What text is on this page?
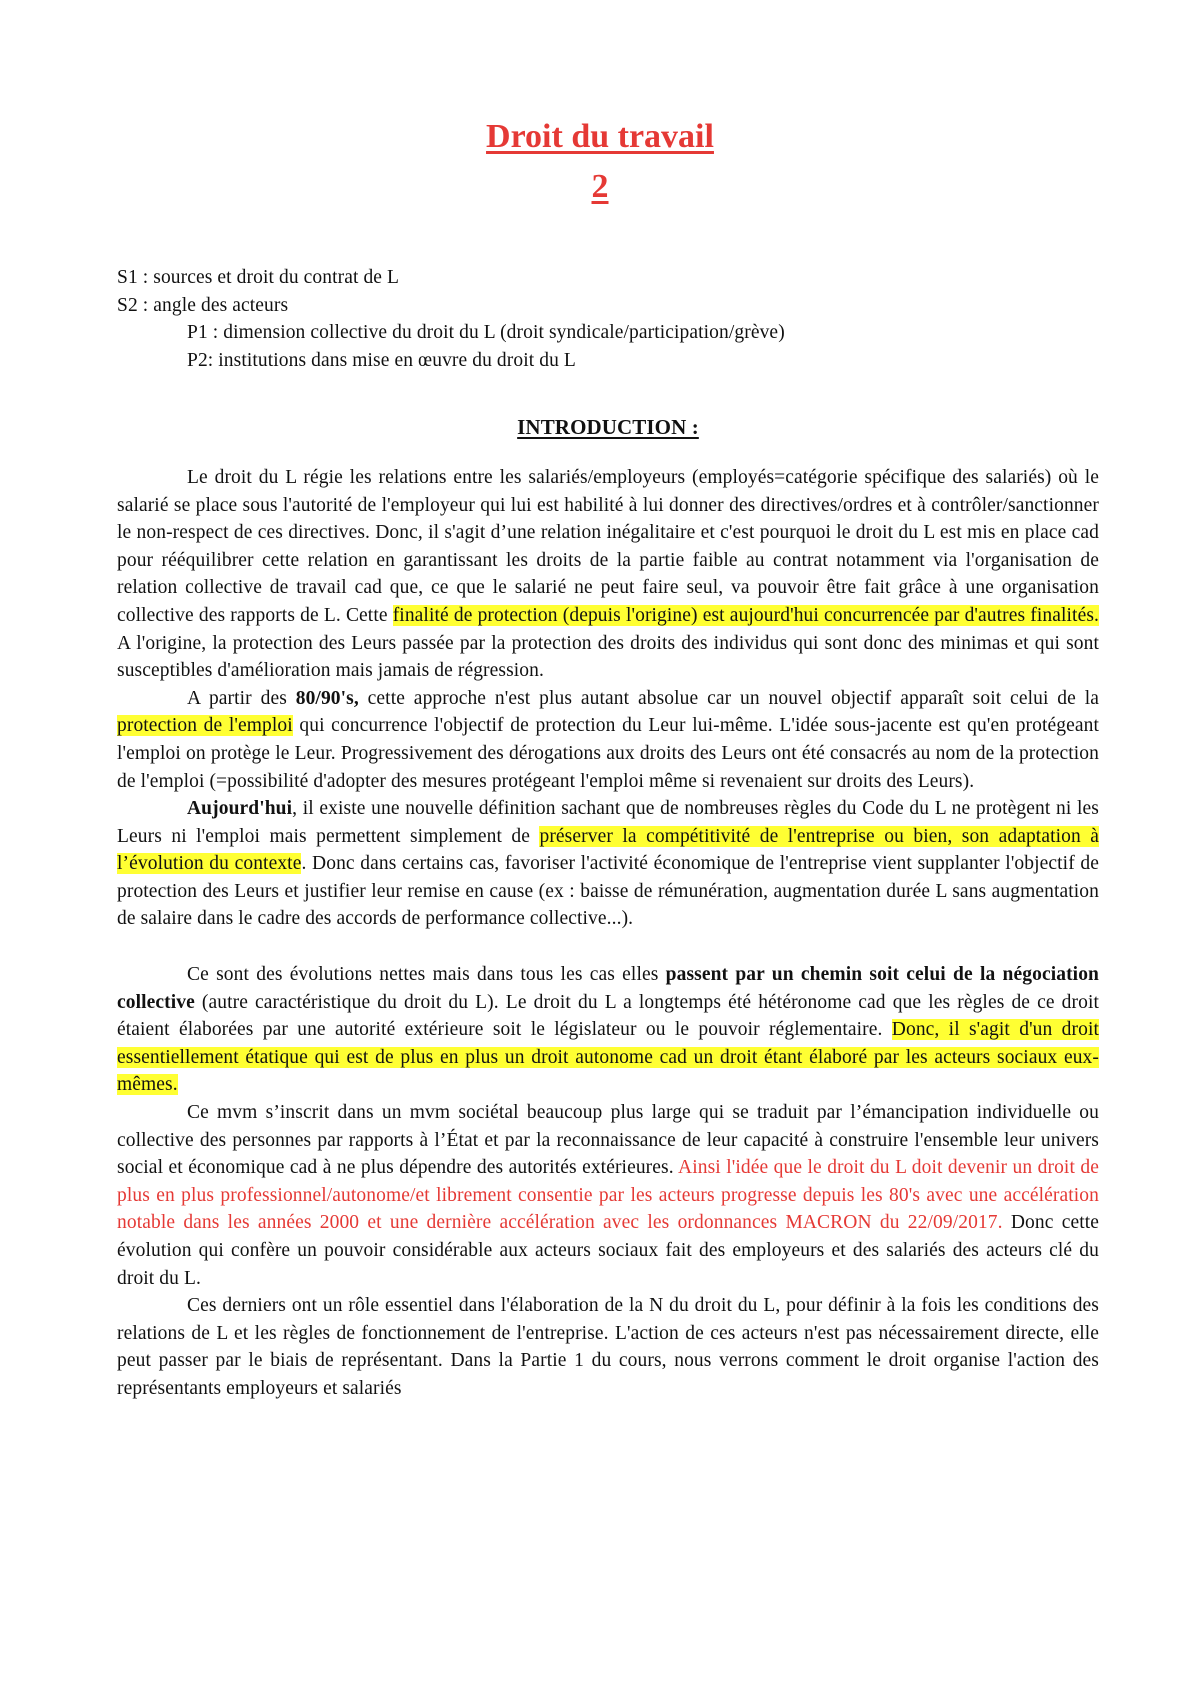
Droit du travail

2

S1 : sources et droit du contrat de L
S2 : angle des acteurs
P1 : dimension collective du droit du L (droit syndicale/participation/grève)
P2: institutions dans mise en œuvre du droit du L
INTRODUCTION :

Le droit du L régie les relations entre les salariés/employeurs (employés=catégorie spécifique des salariés) où le salarié se place sous l'autorité de l'employeur qui lui est habilité à lui donner des directives/ordres et à contrôler/sanctionner le non-respect de ces directives. Donc, il s'agit d’une relation inégalitaire et c'est pourquoi le droit du L est mis en place cad pour rééquilibrer cette relation en garantissant les droits de la partie faible au contrat notamment via l'organisation de relation collective de travail cad que, ce que le salarié ne peut faire seul, va pouvoir être fait grâce à une organisation collective des rapports de L. Cette finalité de protection (depuis l'origine) est aujourd'hui concurrencée par d'autres finalités. A l'origine, la protection des Leurs passée par la protection des droits des individus qui sont donc des minimas et qui sont susceptibles d'amélioration mais jamais de régression.

A partir des 80/90's, cette approche n'est plus autant absolue car un nouvel objectif apparaît soit celui de la protection de l'emploi qui concurrence l'objectif de protection du Leur lui-même. L'idée sous-jacente est qu'en protégeant l'emploi on protège le Leur. Progressivement des dérogations aux droits des Leurs ont été consacrés au nom de la protection de l'emploi (=possibilité d'adopter des mesures protégeant l'emploi même si revenaient sur droits des Leurs).

Aujourd'hui, il existe une nouvelle définition sachant que de nombreuses règles du Code du L ne protègent ni les Leurs ni l'emploi mais permettent simplement de préserver la compétitivité de l'entreprise ou bien, son adaptation à l’évolution du contexte. Donc dans certains cas, favoriser l'activité économique de l'entreprise vient supplanter l'objectif de protection des Leurs et justifier leur remise en cause (ex : baisse de rémunération, augmentation durée L sans augmentation de salaire dans le cadre des accords de performance collective...).

Ce sont des évolutions nettes mais dans tous les cas elles passent par un chemin soit celui de la négociation collective (autre caractéristique du droit du L). Le droit du L a longtemps été hétéronome cad que les règles de ce droit étaient élaborées par une autorité extérieure soit le législateur ou le pouvoir réglementaire. Donc, il s'agit d'un droit essentiellement étatique qui est de plus en plus un droit autonome cad un droit étant élaboré par les acteurs sociaux eux-mêmes.

Ce mvm s’inscrit dans un mvm sociétal beaucoup plus large qui se traduit par l’émancipation individuelle ou collective des personnes par rapports à l’État et par la reconnaissance de leur capacité à construire l'ensemble leur univers social et économique cad à ne plus dépendre des autorités extérieures. Ainsi l'idée que le droit du L doit devenir un droit de plus en plus professionnel/autonome/et librement consentie par les acteurs progresse depuis les 80's avec une accélération notable dans les années 2000 et une dernière accélération avec les ordonnances MACRON du 22/09/2017. Donc cette évolution qui confère un pouvoir considérable aux acteurs sociaux fait des employeurs et des salariés des acteurs clé du droit du L.

Ces derniers ont un rôle essentiel dans l'élaboration de la N du droit du L, pour définir à la fois les conditions des relations de L et les règles de fonctionnement de l'entreprise. L'action de ces acteurs n'est pas nécessairement directe, elle peut passer par le biais de représentant. Dans la Partie 1 du cours, nous verrons comment le droit organise l'action des représentants employeurs et salariés
